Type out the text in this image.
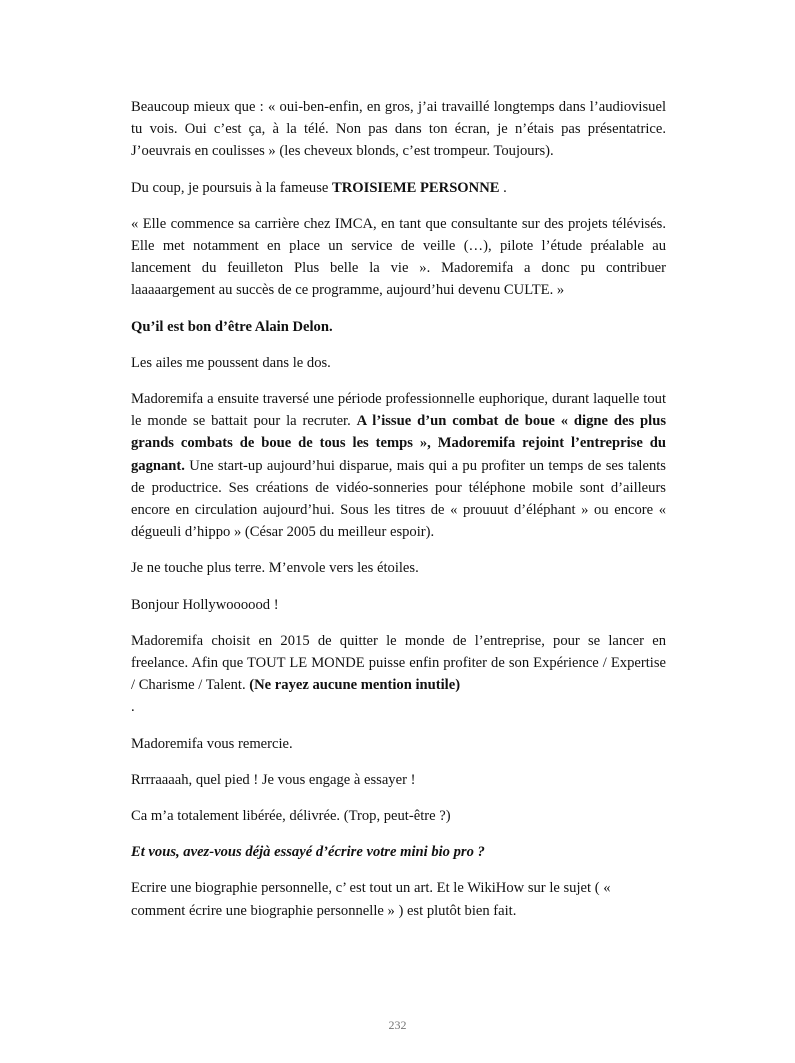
Beaucoup mieux que : « oui-ben-enfin, en gros, j’ai travaillé longtemps dans l’audiovisuel tu vois. Oui c’est ça, à la télé. Non pas dans ton écran, je n’étais pas présentatrice. J’oeuvrais en coulisses » (les cheveux blonds, c’est trompeur. Toujours).

Du coup, je poursuis à la fameuse TROISIEME PERSONNE .

« Elle commence sa carrière chez IMCA, en tant que consultante sur des projets télévisés. Elle met notamment en place un service de veille (…), pilote l’étude préalable au lancement du feuilleton Plus belle la vie ». Madoremifa a donc pu contribuer laaaaargement au succès de ce programme, aujourd’hui devenu CULTE. »

Qu’il est bon d’être Alain Delon.

Les ailes me poussent dans le dos.

Madoremifa a ensuite traversé une période professionnelle euphorique, durant laquelle tout le monde se battait pour la recruter. A l’issue d’un combat de boue « digne des plus grands combats de boue de tous les temps », Madoremifa rejoint l’entreprise du gagnant. Une start-up aujourd’hui disparue, mais qui a pu profiter un temps de ses talents de productrice. Ses créations de vidéo-sonneries pour téléphone mobile sont d’ailleurs encore en circulation aujourd’hui. Sous les titres de « prouuut d’éléphant » ou encore « dégueuli d’hippo » (César 2005 du meilleur espoir).

Je ne touche plus terre. M’envole vers les étoiles.

Bonjour Hollywoooood !

Madoremifa choisit en 2015 de quitter le monde de l’entreprise, pour se lancer en freelance. Afin que TOUT LE MONDE puisse enfin profiter de son Expérience / Expertise / Charisme / Talent. (Ne rayez aucune mention inutile)
.

Madoremifa vous remercie.

Rrrraaaah, quel pied ! Je vous engage à essayer !

Ca m’a totalement libérée, délivrée. (Trop, peut-être ?)

Et vous, avez-vous déjà essayé d’écrire votre mini bio pro ?

Ecrire une biographie personnelle, c’ est tout un art. Et le WikiHow sur le sujet ( « comment écrire une biographie personnelle » ) est plutôt bien fait.

232
